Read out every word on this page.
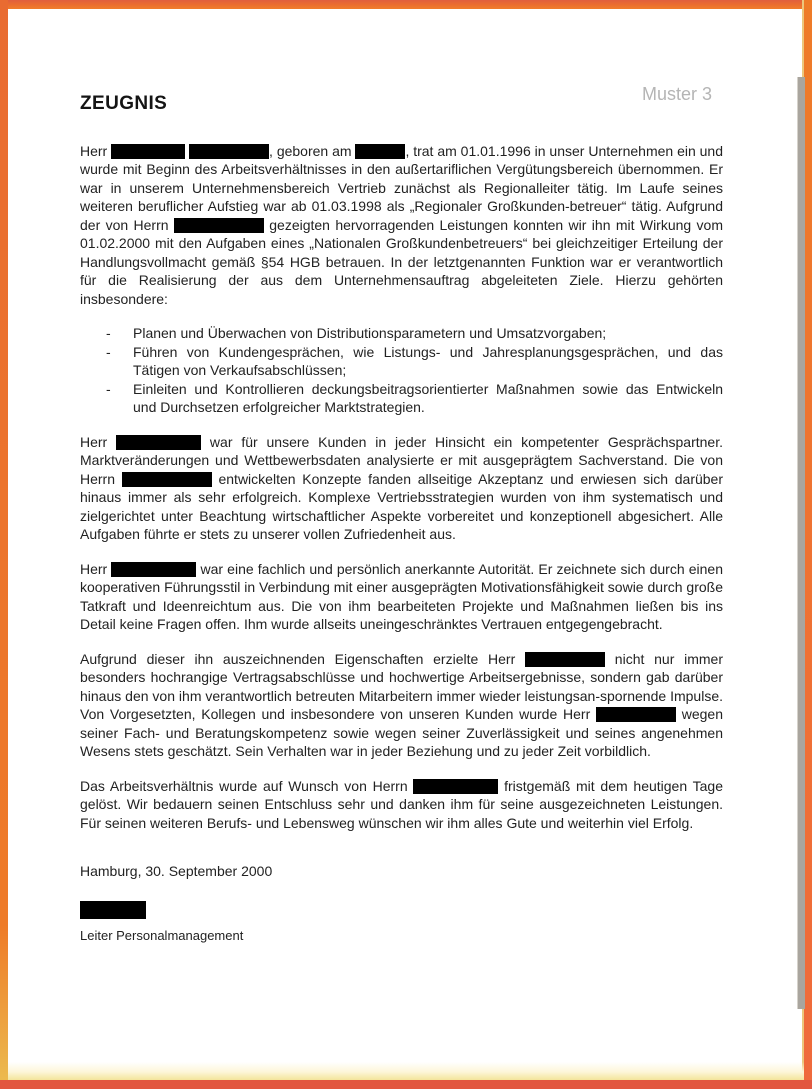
Muster 3
ZEUGNIS

Herr	, geboren am	, trat am 01.01.1996 in unser Unternehmen ein und wurde mit Beginn des Arbeitsverhältnisses in den außertariflichen Vergütungsbereich übernommen. Er war in unserem Unternehmensbereich Vertrieb zunächst als Regionalleiter tätig. Im Laufe seines weiteren beruflicher Aufstieg war ab 01.03.1998 als „Regionaler Großkunden-betreuer“ tätig. Aufgrund der von Herrn	gezeigten hervorragenden Leistungen konnten wir ihn mit Wirkung vom 01.02.2000 mit den Aufgaben eines „Nationalen Großkundenbetreuers“ bei gleichzeitiger Erteilung der Handlungsvollmacht gemäß §54 HGB betrauen. In der letztgenannten Funktion war er verantwortlich für die Realisierung der aus dem Unternehmensauftrag abgeleiteten Ziele. Hierzu gehörten insbesondere:

- Planen und Überwachen von Distributionsparametern und Umsatzvorgaben;
- Führen von Kundengesprächen, wie Listungs- und Jahresplanungsgesprächen, und das Tätigen von Verkaufsabschlüssen;
- Einleiten und Kontrollieren deckungsbeitragsorientierter Maßnahmen sowie das Entwickeln und Durchsetzen erfolgreicher Marktstrategien.

Herr	war für unsere Kunden in jeder Hinsicht ein kompetenter Gesprächspartner. Marktveränderungen und Wettbewerbsdaten analysierte er mit ausgeprägtem Sachverstand. Die von Herrn	entwickelten Konzepte fanden allseitige Akzeptanz und erwiesen sich darüber hinaus immer als sehr erfolgreich. Komplexe Vertriebsstrategien wurden von ihm systematisch und zielgerichtet unter Beachtung wirtschaftlicher Aspekte vorbereitet und konzeptionell abgesichert. Alle Aufgaben führte er stets zu unserer vollen Zufriedenheit aus.

Herr	war eine fachlich und persönlich anerkannte Autorität. Er zeichnete sich durch einen kooperativen Führungsstil in Verbindung mit einer ausgeprägten Motivationsfähigkeit sowie durch große Tatkraft und Ideenreichtum aus. Die von ihm bearbeiteten Projekte und Maßnahmen ließen bis ins Detail keine Fragen offen. Ihm wurde allseits uneingeschränktes Vertrauen entgegengebracht.

Aufgrund dieser ihn auszeichnenden Eigenschaften erzielte Herr	nicht nur immer besonders hochrangige Vertragsabschlüsse und hochwertige Arbeitsergebnisse, sondern gab darüber hinaus den von ihm verantwortlich betreuten Mitarbeitern immer wieder leistungsan-spornende Impulse. Von Vorgesetzten, Kollegen und insbesondere von unseren Kunden wurde Herr	wegen seiner Fach- und Beratungskompetenz sowie wegen seiner Zuverlässigkeit und seines angenehmen Wesens stets geschätzt. Sein Verhalten war in jeder Beziehung und zu jeder Zeit vorbildlich.

Das Arbeitsverhältnis wurde auf Wunsch von Herrn	fristgemäß mit dem heutigen Tage gelöst. Wir bedauern seinen Entschluss sehr und danken ihm für seine ausgezeichneten Leistungen. Für seinen weiteren Berufs- und Lebensweg wünschen wir ihm alles Gute und weiterhin viel Erfolg.

Hamburg, 30. September 2000

Leiter Personalmanagement
